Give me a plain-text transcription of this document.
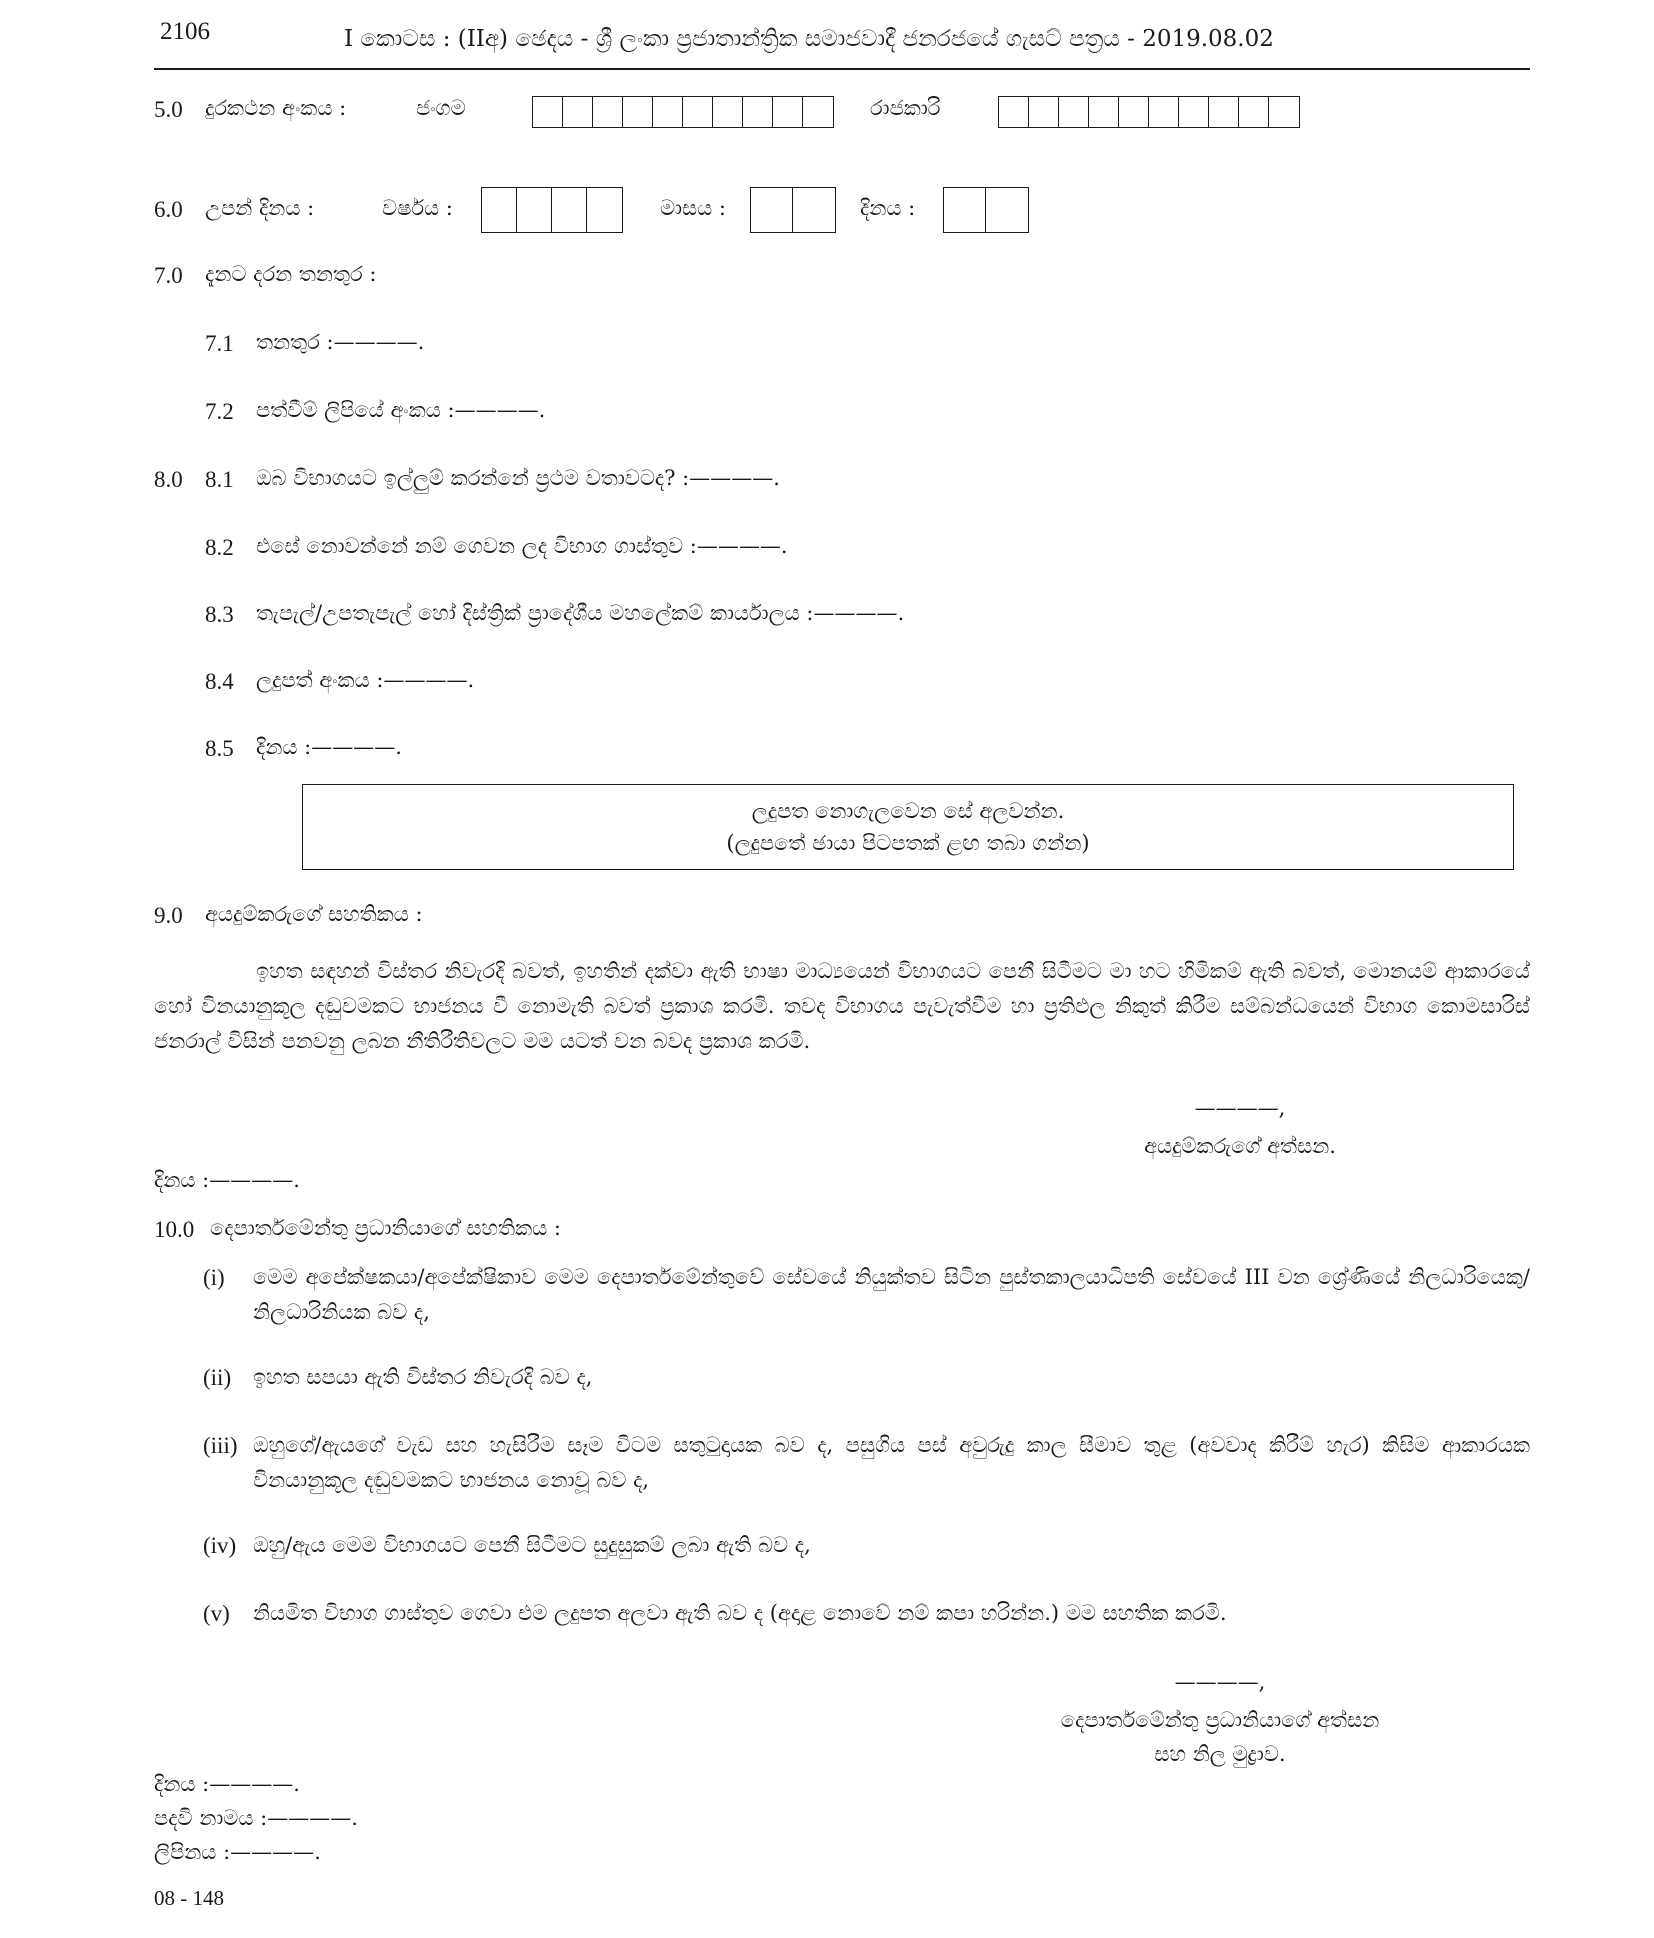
2106	I කොටස : (IIඅ) ඡෙදය - ශ්‍රී ලංකා ප්‍රජාතාන්ත්‍රික සමාජවාදී ජනරජයේ ගැසට් පත්‍රය - 2019.08.02
5.0 දුරකථන අංකය :	ජංගම	රාජකාරි
6.0 උපන් දිනය :	වර්ෂය :	මාසය :	දිනය :
7.0 දැනට දරන තනතුර :
7.1 තනතුර :————.
7.2 පත්වීම් ලිපියේ අංකය :————.
8.0 8.1 ඔබ විභාගයට ඉල්ලුම් කරන්නේ ප්‍රථම වතාවටද? :————.
8.2 එසේ නොවන්නේ නම් ගෙවන ලද විභාග ගාස්තුව :————.
8.3 තැපැල්/උපතැපැල් හෝ දිස්ත්‍රික් ප්‍රාදේශීය මහලේකම් කාර්යාලය :————.
8.4 ලදුපත් අංකය :————.
8.5 දිනය :————.
ලදුපත නොගැලවෙන සේ අලවන්න.
(ලදුපතේ ඡායා පිටපතක් ළඟ තබා ගන්න)
9.0 අයදුම්කරුගේ සහතිකය :
ඉහත සඳහන් විස්තර නිවැරදි බවත්, ඉහතින් දක්වා ඇති භාෂා මාධ්‍යයෙන් විභාගයට පෙනී සිටීමට මා හට හිමිකම් ඇති බවත්, මොනයම් ආකාරයේ හෝ විනයානුකූල දඬුවමකට භාජනය වී නොමැති බවත් ප්‍රකාශ කරමි. තවද විභාගය පැවැත්වීම හා ප්‍රතිඵල නිකුත් කිරීම සම්බන්ධයෙන් විභාග කොමසාරිස් ජනරාල් විසින් පනවනු ලබන නීතිරීතිවලට මම යටත් වන බවද ප්‍රකාශ කරමි.
————,
අයදුම්කරුගේ අත්සන.
දිනය :————.
10.0 දෙපාර්තමේන්තු ප්‍රධානියාගේ සහතිකය :
(i) මෙම අපේක්ෂකයා/අපේක්ෂිකාව මෙම දෙපාර්තමේන්තුවේ සේවයේ නියුක්තව සිටින පුස්තකාලයාධිපති සේවයේ III වන ශ්‍රේණියේ නිලධාරියෙකු/නිලධාරිනියක බව ද,
(ii) ඉහත සපයා ඇති විස්තර නිවැරදි බව ද,
(iii) ඔහුගේ/ඇයගේ වැඩ සහ හැසිරීම සෑම විටම සතුටුදායක බව ද, පසුගිය පස් අවුරුදු කාල සීමාව තුළ (අවවාද කිරීම් හැර) කිසිම ආකාරයක විනයානුකූල දඬුවමකට භාජනය නොවූ බව ද,
(iv) ඔහු/ඇය මෙම විභාගයට පෙනී සිටීමට සුදුසුකම් ලබා ඇති බව ද,
(v) නියමිත විභාග ගාස්තුව ගෙවා එම ලදුපත අලවා ඇති බව ද (අදාළ නොවේ නම් කපා හරින්න.) මම සහතික කරමි.
————,
දෙපාර්තමේන්තු ප්‍රධානියාගේ අත්සන
සහ නිල මුද්‍රාව.
දිනය :————.
පදවි නාමය :————.
ලිපිනය :————.
08 - 148
